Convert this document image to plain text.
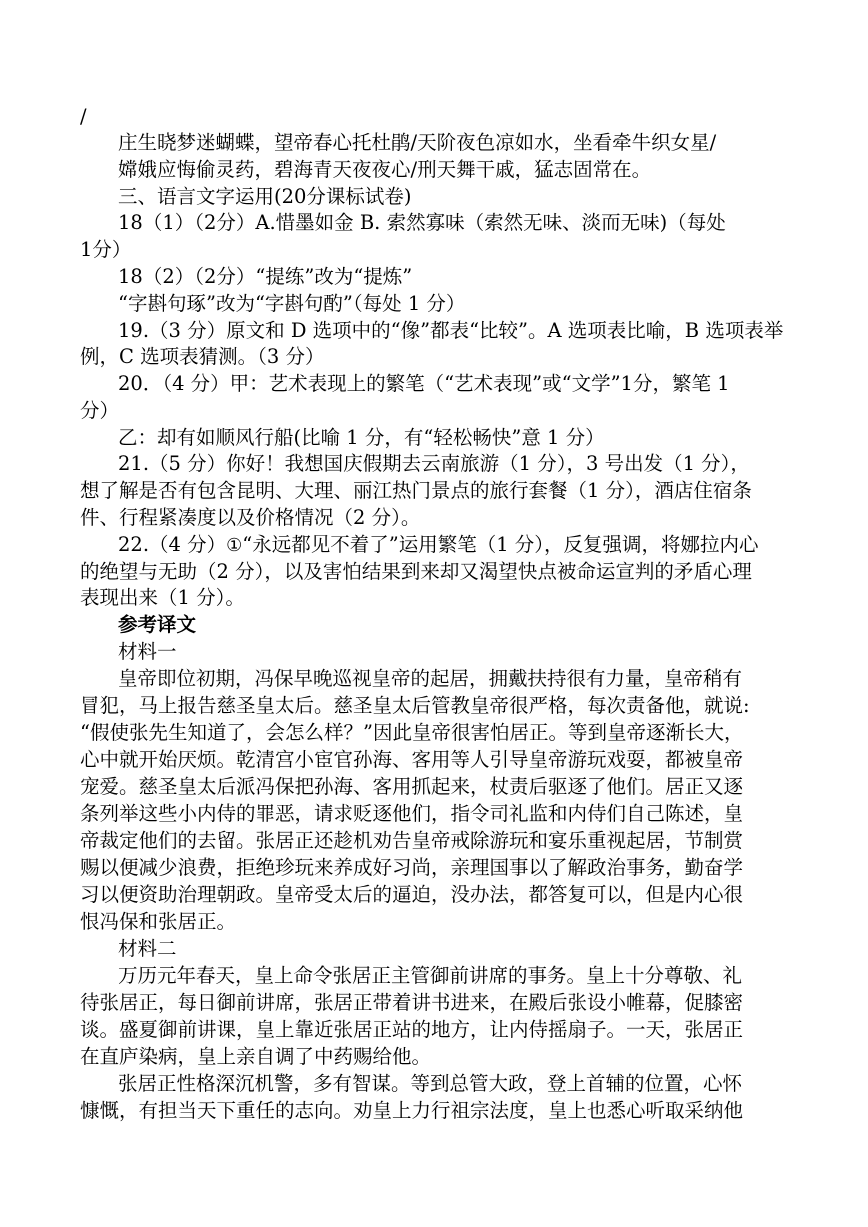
/
庄生晓梦迷蝴蝶，望帝春心托杜鹃/天阶夜色凉如水，坐看牵牛织女星/
嫦娥应悔偷灵药，碧海青天夜夜心/刑天舞干戚，猛志固常在。
三、语言文字运用(20分课标试卷)
18（1）（2分）A.惜墨如金 B. 索然寡味（索然无味、淡而无味)（每处
1分）
18（2）（2分）“提练”改为“提炼”
“字斟句琢”改为“字斟句酌”（每处 1 分）
19.（3 分）原文和 D 选项中的“像”都表“比较”。A 选项表比喻，B 选项表举
例，C 选项表猜测。（3 分）
20．（4 分）甲：艺术表现上的繁笔（“艺术表现”或“文学”1分，繁笔 1
分）
乙：却有如顺风行船(比喻 1 分，有“轻松畅快”意 1 分）
21.（5 分）你好！我想国庆假期去云南旅游（1 分），3 号出发（1 分），
想了解是否有包含昆明、大理、丽江热门景点的旅行套餐（1 分），酒店住宿条
件、行程紧凑度以及价格情况（2 分）。
22.（4 分）①“永远都见不着了”运用繁笔（1 分），反复强调，将娜拉内心
的绝望与无助（2 分），以及害怕结果到来却又渴望快点被命运宣判的矛盾心理
表现出来（1 分）。
参考译文
材料一
皇帝即位初期，冯保早晚巡视皇帝的起居，拥戴扶持很有力量，皇帝稍有
冒犯，马上报告慈圣皇太后。慈圣皇太后管教皇帝很严格，每次责备他，就说:
“假使张先生知道了，会怎么样？”因此皇帝很害怕居正。等到皇帝逐渐长大，
心中就开始厌烦。乾清宫小宦官孙海、客用等人引导皇帝游玩戏耍，都被皇帝
宠爱。慈圣皇太后派冯保把孙海、客用抓起来，杖责后驱逐了他们。居正又逐
条列举这些小内侍的罪恶，请求贬逐他们，指令司礼监和内侍们自己陈述，皇
帝裁定他们的去留。张居正还趁机劝告皇帝戒除游玩和宴乐重视起居，节制赏
赐以便减少浪费，拒绝珍玩来养成好习尚，亲理国事以了解政治事务，勤奋学
习以便资助治理朝政。皇帝受太后的逼迫，没办法，都答复可以，但是内心很
恨冯保和张居正。
材料二
万历元年春天，皇上命令张居正主管御前讲席的事务。皇上十分尊敬、礼
待张居正，每日御前讲席，张居正带着讲书进来，在殿后张设小帷幕，促膝密
谈。盛夏御前讲课，皇上靠近张居正站的地方，让内侍摇扇子。一天，张居正
在直庐染病，皇上亲自调了中药赐给他。
张居正性格深沉机警，多有智谋。等到总管大政，登上首辅的位置，心怀
慷慨，有担当天下重任的志向。劝皇上力行祖宗法度，皇上也悉心听取采纳他
